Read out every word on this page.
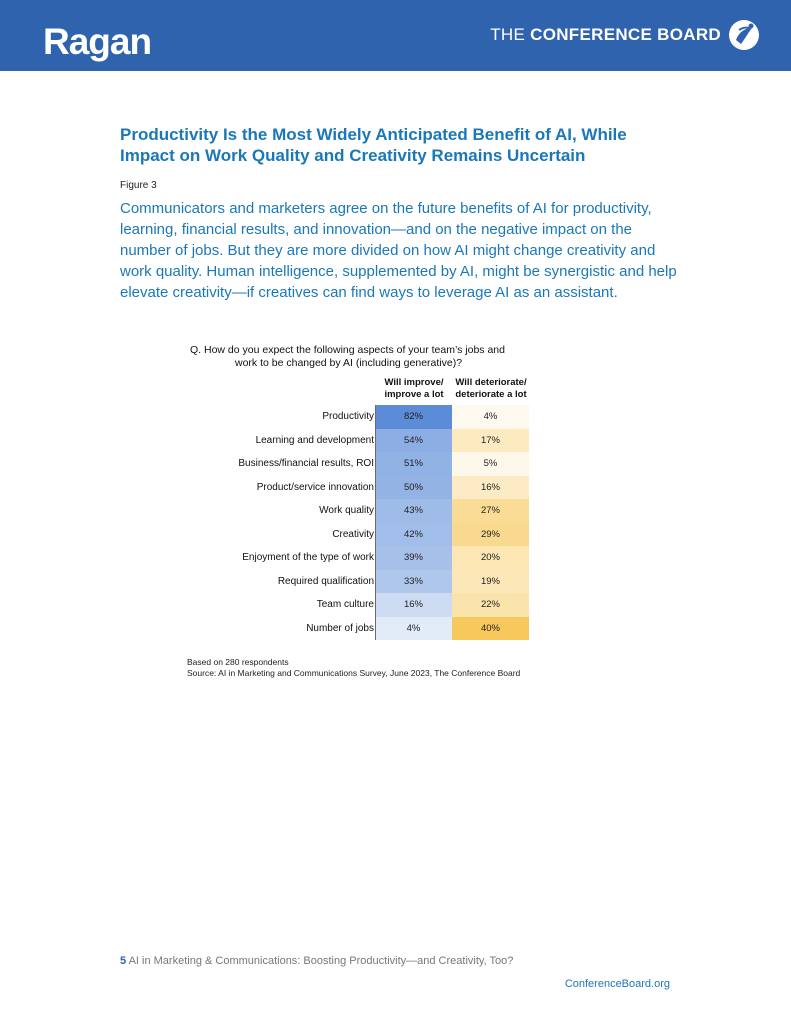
Ragan	THE CONFERENCE BOARD
Productivity Is the Most Widely Anticipated Benefit of AI, While Impact on Work Quality and Creativity Remains Uncertain
Figure 3
Communicators and marketers agree on the future benefits of AI for productivity, learning, financial results, and innovation—and on the negative impact on the number of jobs. But they are more divided on how AI might change creativity and work quality. Human intelligence, supplemented by AI, might be synergistic and help elevate creativity—if creatives can find ways to leverage AI as an assistant.
Q. How do you expect the following aspects of your team’s jobs and
work to be changed by AI (including generative)?
Will improve/ improve a lot
Will deteriorate/ deteriorate a lot
Productivity	82%	4%
Learning and development	54%	17%
Business/financial results, ROI	51%	5%
Product/service innovation	50%	16%
Work quality	43%	27%
Creativity	42%	29%
Enjoyment of the type of work	39%	20%
Required qualification	33%	19%
Team culture	16%	22%
Number of jobs	4%	40%
Based on 280 respondents
Source: AI in Marketing and Communications Survey, June 2023, The Conference Board
5 AI in Marketing & Communications: Boosting Productivity—and Creativity, Too?
ConferenceBoard.org
